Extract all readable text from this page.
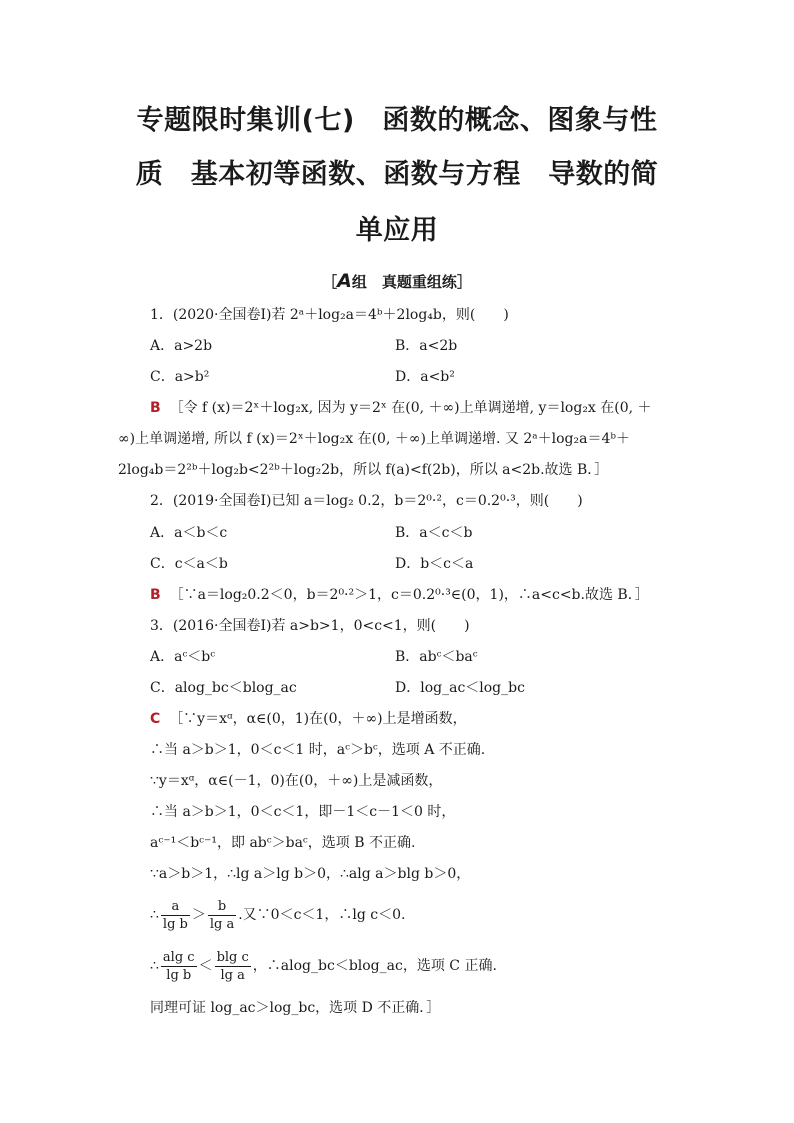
专题限时集训(七)　函数的概念、图象与性
质　基本初等函数、函数与方程　导数的简
单应用
［A组　真题重组练］
1．(2020·全国卷Ⅰ)若 2ᵃ＋log₂a＝4ᵇ＋2log₄b，则(　　)
A．a>2b	B．a<2b
C．a>b²	D．a<b²
B ［令 f (x)＝2ˣ＋log₂x, 因为 y＝2ˣ 在(0, ＋∞)上单调递增, y＝log₂x 在(0, ＋
∞)上单调递增, 所以 f (x)＝2ˣ＋log₂x 在(0, ＋∞)上单调递增. 又 2ᵃ＋log₂a＝4ᵇ＋
2log₄b＝2²ᵇ＋log₂b<2²ᵇ＋log₂2b，所以 f(a)<f(2b)，所以 a<2b.故选 B．］
2．(2019·全国卷Ⅰ)已知 a＝log₂ 0.2，b＝2⁰·²，c＝0.2⁰·³，则(　　)
A．a＜b＜c	B．a＜c＜b
C．c＜a＜b	D．b＜c＜a
B ［∵a＝log₂0.2＜0，b＝2⁰·²＞1，c＝0.2⁰·³∈(0，1)，∴a<c<b.故选 B．］
3．(2016·全国卷Ⅰ)若 a>b>1，0<c<1，则(　　)
A．aᶜ＜bᶜ	B．abᶜ＜baᶜ
C．alog_bc＜blog_ac	D．log_ac＜log_bc
C ［∵y＝xᵅ，α∈(0，1)在(0，＋∞)上是增函数，
∴当 a＞b＞1，0＜c＜1 时，aᶜ＞bᶜ，选项 A 不正确.
∵y＝xᵅ，α∈(－1，0)在(0，＋∞)上是减函数，
∴当 a＞b＞1，0＜c＜1，即－1＜c－1＜0 时，
aᶜ⁻¹＜bᶜ⁻¹，即 abᶜ＞baᶜ，选项 B 不正确.
∵a＞b＞1，∴lg a＞lg b＞0，∴alg a＞blg b＞0，
∴ $\frac{a}{\text{lg b}} > \frac{b}{\text{lg a}}$ .又∵0＜c＜1，∴lg c＜0.
∴ $\frac{\text{alg c}}{\text{lg b}} < \frac{\text{blg c}}{\text{lg a}}$ ，∴alog_bc＜blog_ac，选项 C 正确.
同理可证 log_ac＞log_bc，选项 D 不正确．］
